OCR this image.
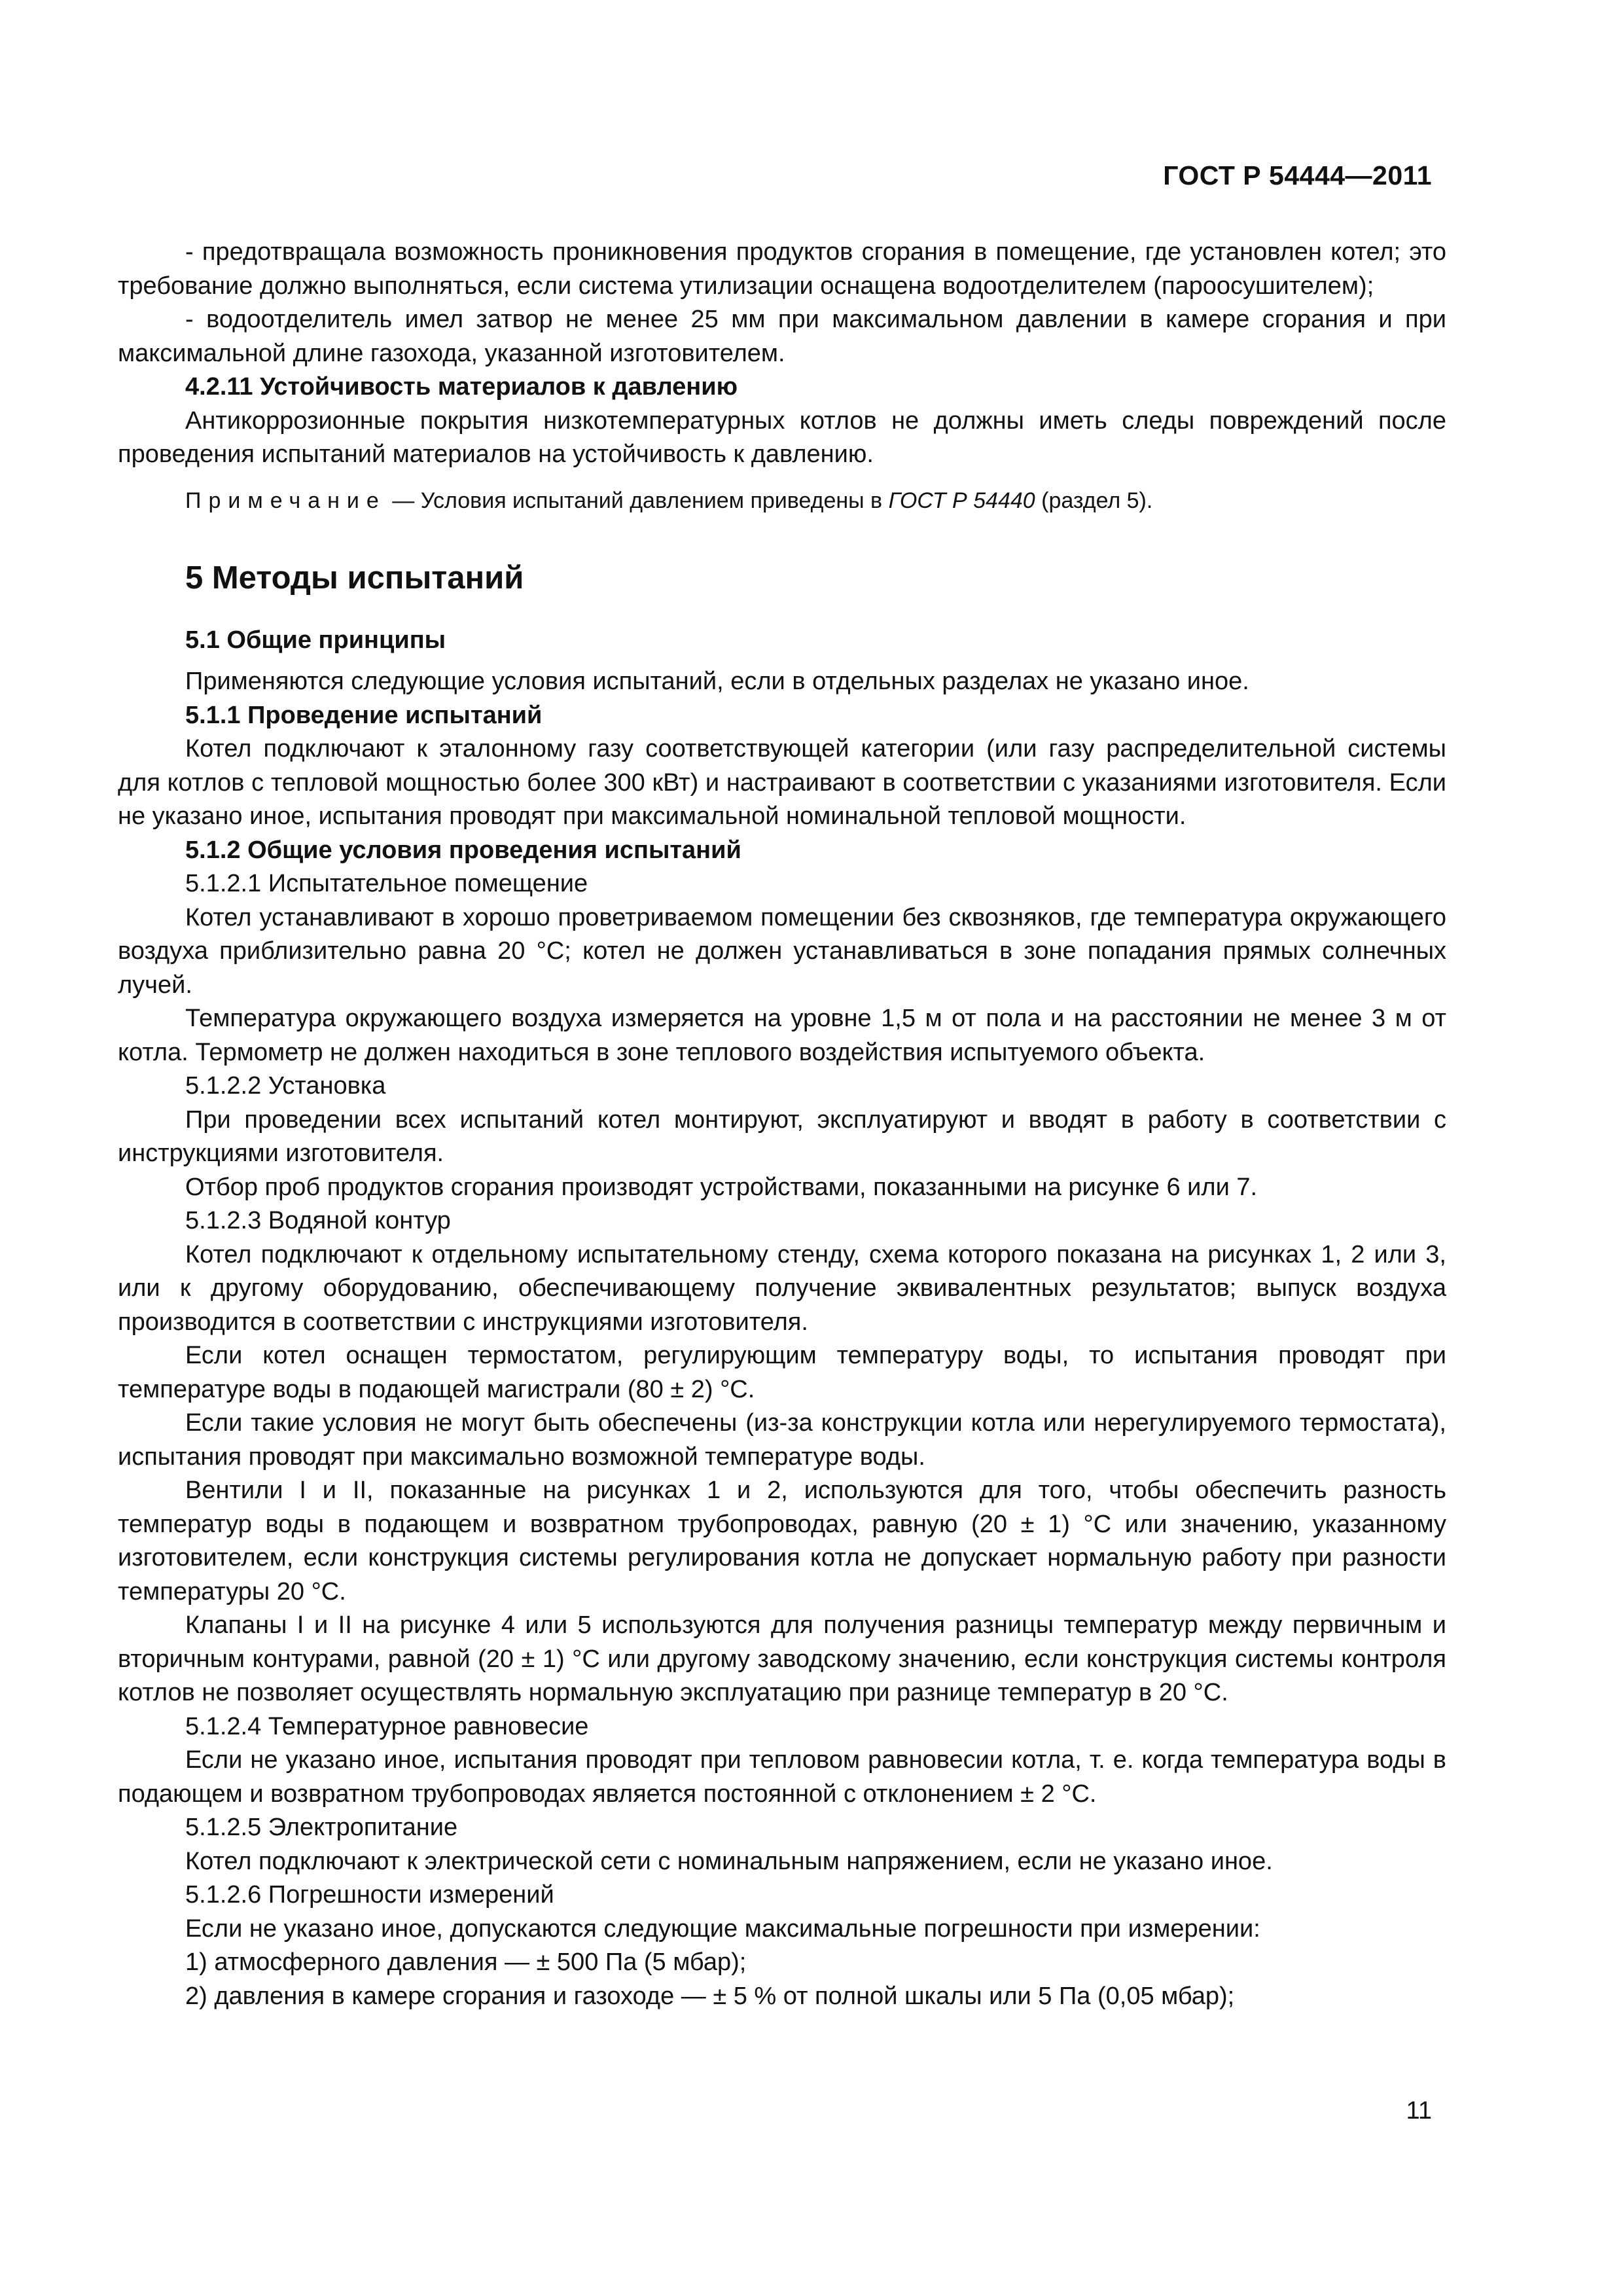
ГОСТ Р 54444—2011

- предотвращала возможность проникновения продуктов сгорания в помещение, где установлен котел; это требование должно выполняться, если система утилизации оснащена водоотделителем (пароосушителем);

- водоотделитель имел затвор не менее 25 мм при максимальном давлении в камере сгорания и при максимальной длине газохода, указанной изготовителем.

4.2.11 Устойчивость материалов к давлению

Антикоррозионные покрытия низкотемпературных котлов не должны иметь следы повреждений после проведения испытаний материалов на устойчивость к давлению.

Примечание — Условия испытаний давлением приведены в ГОСТ Р 54440 (раздел 5).

5 Методы испытаний

5.1 Общие принципы

Применяются следующие условия испытаний, если в отдельных разделах не указано иное.

5.1.1 Проведение испытаний

Котел подключают к эталонному газу соответствующей категории (или газу распределительной системы для котлов с тепловой мощностью более 300 кВт) и настраивают в соответствии с указаниями изготовителя. Если не указано иное, испытания проводят при максимальной номинальной тепловой мощности.

5.1.2 Общие условия проведения испытаний

5.1.2.1 Испытательное помещение

Котел устанавливают в хорошо проветриваемом помещении без сквозняков, где температура окружающего воздуха приблизительно равна 20 °С; котел не должен устанавливаться в зоне попадания прямых солнечных лучей.

Температура окружающего воздуха измеряется на уровне 1,5 м от пола и на расстоянии не менее 3 м от котла. Термометр не должен находиться в зоне теплового воздействия испытуемого объекта.

5.1.2.2 Установка

При проведении всех испытаний котел монтируют, эксплуатируют и вводят в работу в соответствии с инструкциями изготовителя.

Отбор проб продуктов сгорания производят устройствами, показанными на рисунке 6 или 7.

5.1.2.3 Водяной контур

Котел подключают к отдельному испытательному стенду, схема которого показана на рисунках 1, 2 или 3, или к другому оборудованию, обеспечивающему получение эквивалентных результатов; выпуск воздуха производится в соответствии с инструкциями изготовителя.

Если котел оснащен термостатом, регулирующим температуру воды, то испытания проводят при температуре воды в подающей магистрали (80 ± 2) °С.

Если такие условия не могут быть обеспечены (из-за конструкции котла или нерегулируемого термостата), испытания проводят при максимально возможной температуре воды.

Вентили I и II, показанные на рисунках 1 и 2, используются для того, чтобы обеспечить разность температур воды в подающем и возвратном трубопроводах, равную (20 ± 1) °С или значению, указанному изготовителем, если конструкция системы регулирования котла не допускает нормальную работу при разности температуры 20 °С.

Клапаны I и II на рисунке 4 или 5 используются для получения разницы температур между первичным и вторичным контурами, равной (20 ± 1) °С или другому заводскому значению, если конструкция системы контроля котлов не позволяет осуществлять нормальную эксплуатацию при разнице температур в 20 °С.

5.1.2.4 Температурное равновесие

Если не указано иное, испытания проводят при тепловом равновесии котла, т. е. когда температура воды в подающем и возвратном трубопроводах является постоянной с отклонением ± 2 °С.

5.1.2.5 Электропитание

Котел подключают к электрической сети с номинальным напряжением, если не указано иное.

5.1.2.6 Погрешности измерений

Если не указано иное, допускаются следующие максимальные погрешности при измерении:

1) атмосферного давления — ± 500 Па (5 мбар);

2) давления в камере сгорания и газоходе — ± 5 % от полной шкалы или 5 Па (0,05 мбар);

11
